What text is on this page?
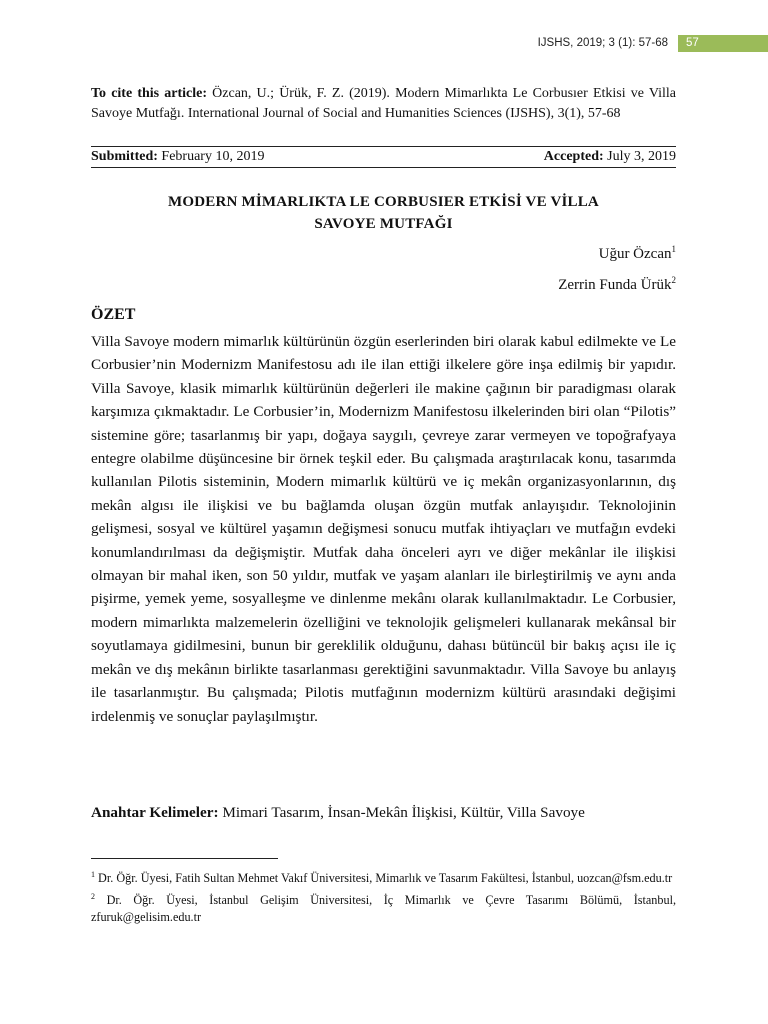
IJSHS, 2019; 3 (1): 57-68	57
To cite this article: Özcan, U.; Ürük, F. Z. (2019). Modern Mimarlıkta Le Corbusıer Etkisi ve Villa Savoye Mutfağı. International Journal of Social and Humanities Sciences (IJSHS), 3(1), 57-68
Submitted: February 10, 2019	Accepted: July 3, 2019
MODERN MİMARLIKTA LE CORBUSIER ETKİSİ VE VİLLA
SAVOYE MUTFAĞI
Uğur Özcan$^1$
Zerrin Funda Ürük$^2$
ÖZET
Villa Savoye modern mimarlık kültürünün özgün eserlerinden biri olarak kabul edilmekte ve Le Corbusier’nin Modernizm Manifestosu adı ile ilan ettiği ilkelere göre inşa edilmiş bir yapıdır. Villa Savoye, klasik mimarlık kültürünün değerleri ile makine çağının bir paradigması olarak karşımıza çıkmaktadır. Le Corbusier’in, Modernizm Manifestosu ilkelerinden biri olan “Pilotis” sistemine göre; tasarlanmış bir yapı, doğaya saygılı, çevreye zarar vermeyen ve topoğrafyaya entegre olabilme düşüncesine bir örnek teşkil eder. Bu çalışmada araştırılacak konu, tasarımda kullanılan Pilotis sisteminin, Modern mimarlık kültürü ve iç mekân organizasyonlarının, dış mekân algısı ile ilişkisi ve bu bağlamda oluşan özgün mutfak anlayışıdır. Teknolojinin gelişmesi, sosyal ve kültürel yaşamın değişmesi sonucu mutfak ihtiyaçları ve mutfağın evdeki konumlandırılması da değişmiştir. Mutfak daha önceleri ayrı ve diğer mekânlar ile ilişkisi olmayan bir mahal iken, son 50 yıldır, mutfak ve yaşam alanları ile birleştirilmiş ve aynı anda pişirme, yemek yeme, sosyalleşme ve dinlenme mekânı olarak kullanılmaktadır. Le Corbusier, modern mimarlıkta malzemelerin özelliğini ve teknolojik gelişmeleri kullanarak mekânsal bir soyutlamaya gidilmesini, bunun bir gereklilik olduğunu, dahası bütüncül bir bakış açısı ile iç mekân ve dış mekânın birlikte tasarlanması gerektiğini savunmaktadır. Villa Savoye bu anlayış ile tasarlanmıştır. Bu çalışmada; Pilotis mutfağının modernizm kültürü arasındaki değişimi irdelenmiş ve sonuçlar paylaşılmıştır.
Anahtar Kelimeler: Mimari Tasarım, İnsan-Mekân İlişkisi, Kültür, Villa Savoye

$^1$ Dr. Öğr. Üyesi, Fatih Sultan Mehmet Vakıf Üniversitesi, Mimarlık ve Tasarım Fakültesi, İstanbul, uozcan@fsm.edu.tr

$^2$ Dr. Öğr. Üyesi, İstanbul Gelişim Üniversitesi, İç Mimarlık ve Çevre Tasarımı Bölümü, İstanbul, zfuruk@gelisim.edu.tr
